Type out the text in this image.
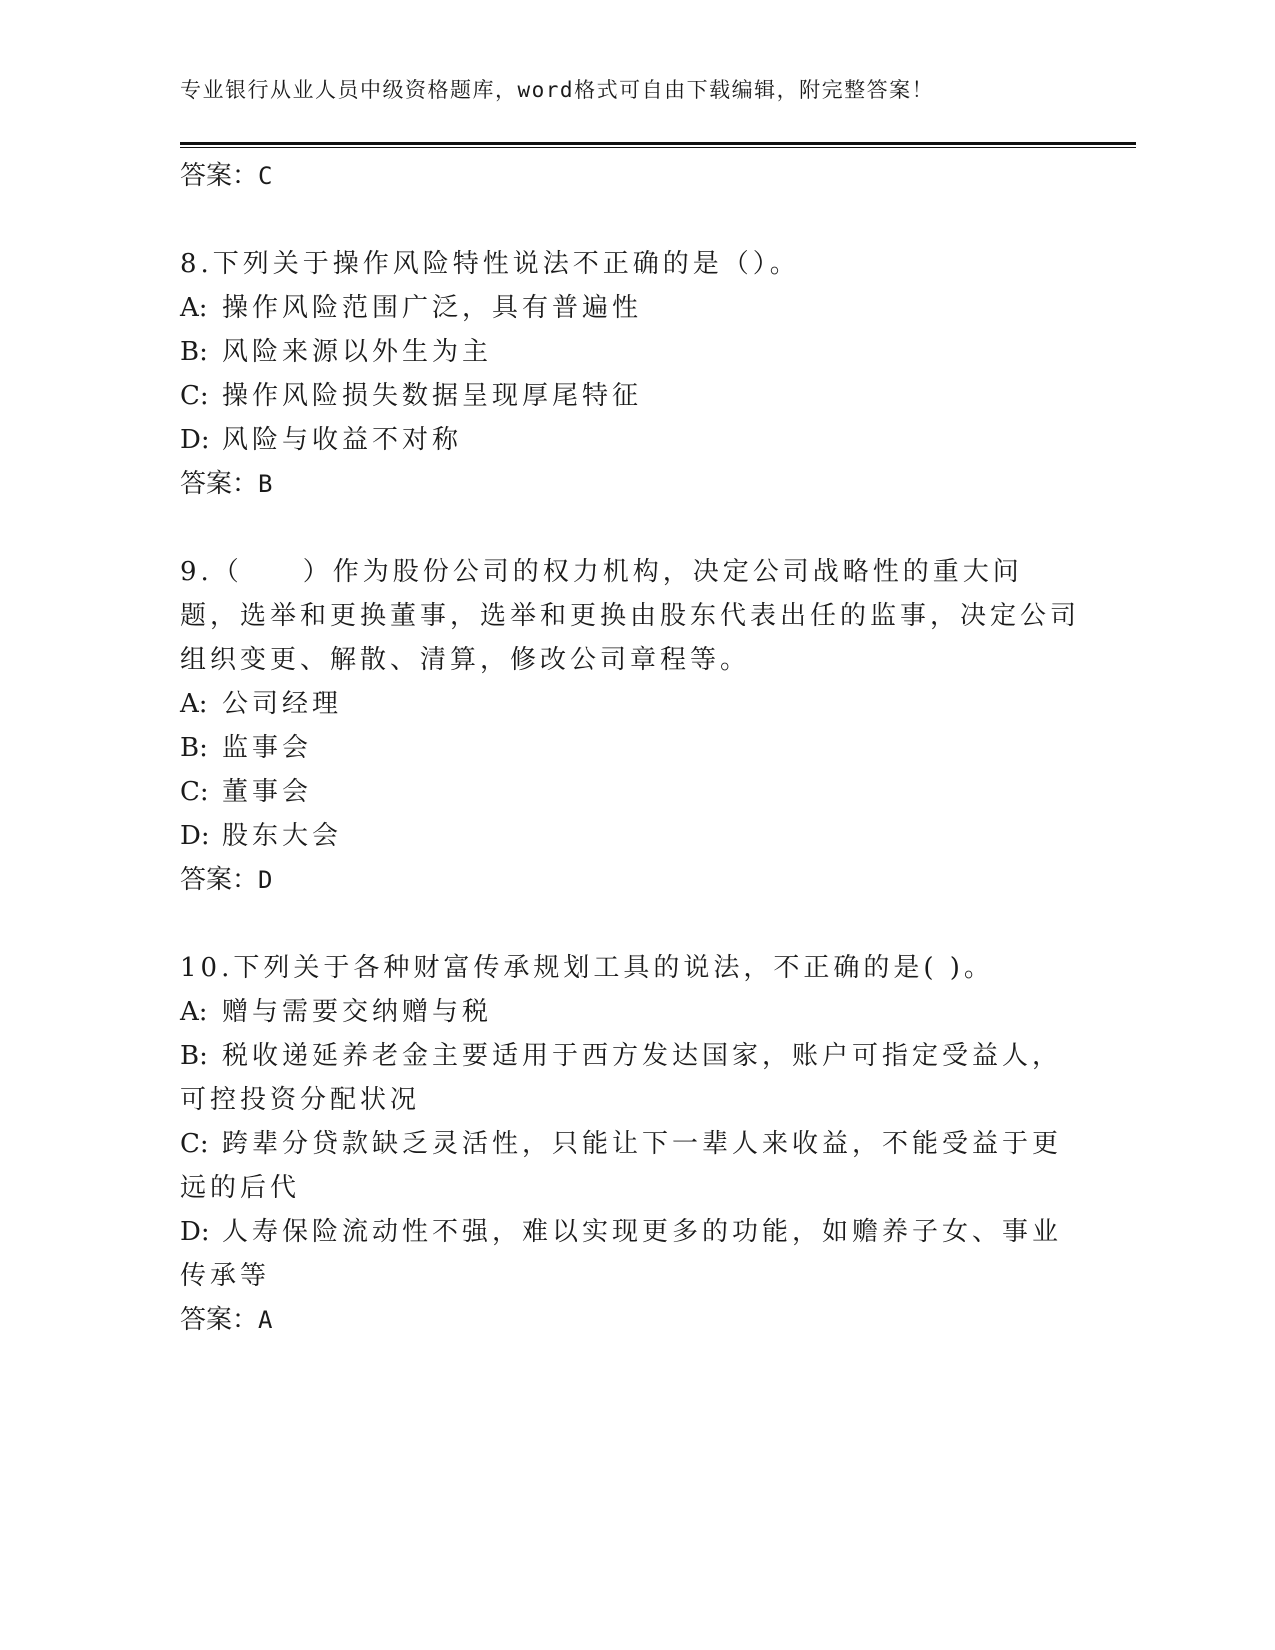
专业银行从业人员中级资格题库，word格式可自由下载编辑，附完整答案！
答案：C

8.下列关于操作风险特性说法不正确的是（）。

A: 操作风险范围广泛，具有普遍性

B: 风险来源以外生为主

C: 操作风险损失数据呈现厚尾特征

D: 风险与收益不对称

答案：B

9.（　　）作为股份公司的权力机构，决定公司战略性的重大问题，选举和更换董事，选举和更换由股东代表出任的监事，决定公司组织变更、解散、清算，修改公司章程等。

A: 公司经理

B: 监事会

C: 董事会

D: 股东大会

答案：D

10.下列关于各种财富传承规划工具的说法，不正确的是( )。

A: 赠与需要交纳赠与税

B: 税收递延养老金主要适用于西方发达国家，账户可指定受益人，可控投资分配状况

C: 跨辈分贷款缺乏灵活性，只能让下一辈人来收益，不能受益于更远的后代

D: 人寿保险流动性不强，难以实现更多的功能，如赡养子女、事业传承等

答案：A
